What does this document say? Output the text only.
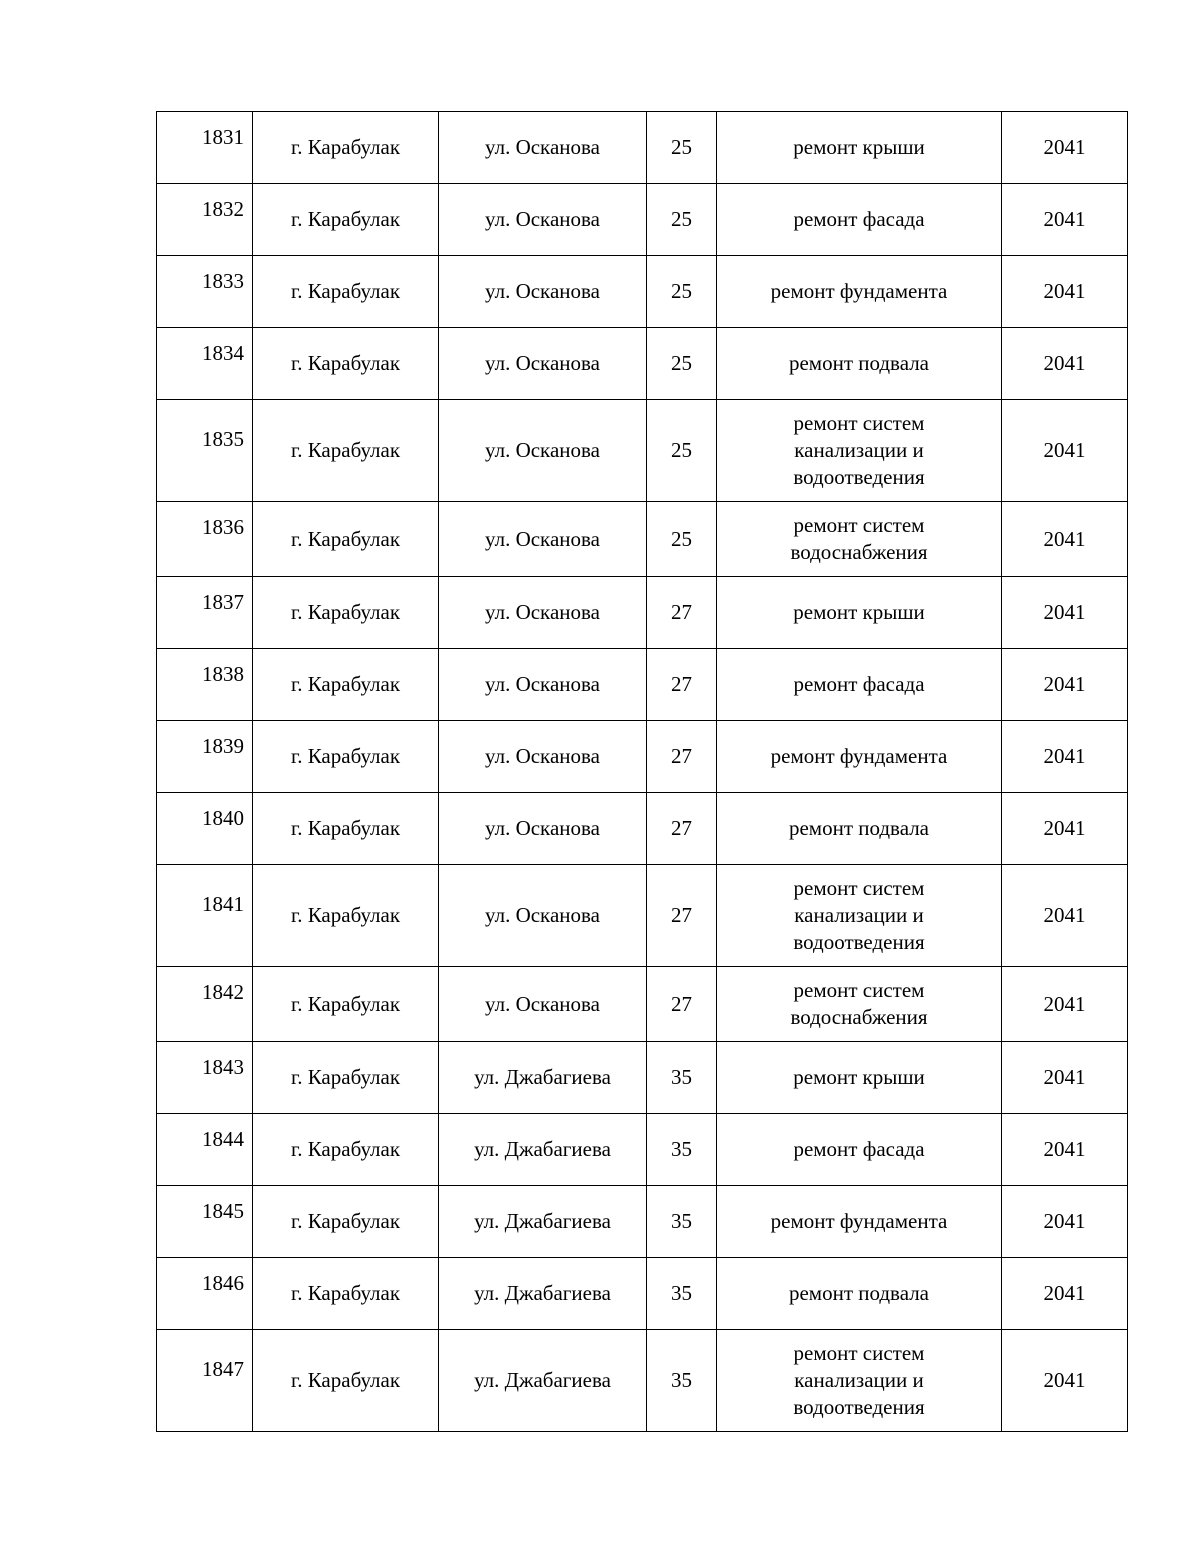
1831	г. Карабулак	ул. Осканова	25	ремонт крыши	2041
1832	г. Карабулак	ул. Осканова	25	ремонт фасада	2041
1833	г. Карабулак	ул. Осканова	25	ремонт фундамента	2041
1834	г. Карабулак	ул. Осканова	25	ремонт подвала	2041
1835	г. Карабулак	ул. Осканова	25	ремонт систем канализации и водоотведения	2041
1836	г. Карабулак	ул. Осканова	25	ремонт систем водоснабжения	2041
1837	г. Карабулак	ул. Осканова	27	ремонт крыши	2041
1838	г. Карабулак	ул. Осканова	27	ремонт фасада	2041
1839	г. Карабулак	ул. Осканова	27	ремонт фундамента	2041
1840	г. Карабулак	ул. Осканова	27	ремонт подвала	2041
1841	г. Карабулак	ул. Осканова	27	ремонт систем канализации и водоотведения	2041
1842	г. Карабулак	ул. Осканова	27	ремонт систем водоснабжения	2041
1843	г. Карабулак	ул. Джабагиева	35	ремонт крыши	2041
1844	г. Карабулак	ул. Джабагиева	35	ремонт фасада	2041
1845	г. Карабулак	ул. Джабагиева	35	ремонт фундамента	2041
1846	г. Карабулак	ул. Джабагиева	35	ремонт подвала	2041
1847	г. Карабулак	ул. Джабагиева	35	ремонт систем канализации и водоотведения	2041
